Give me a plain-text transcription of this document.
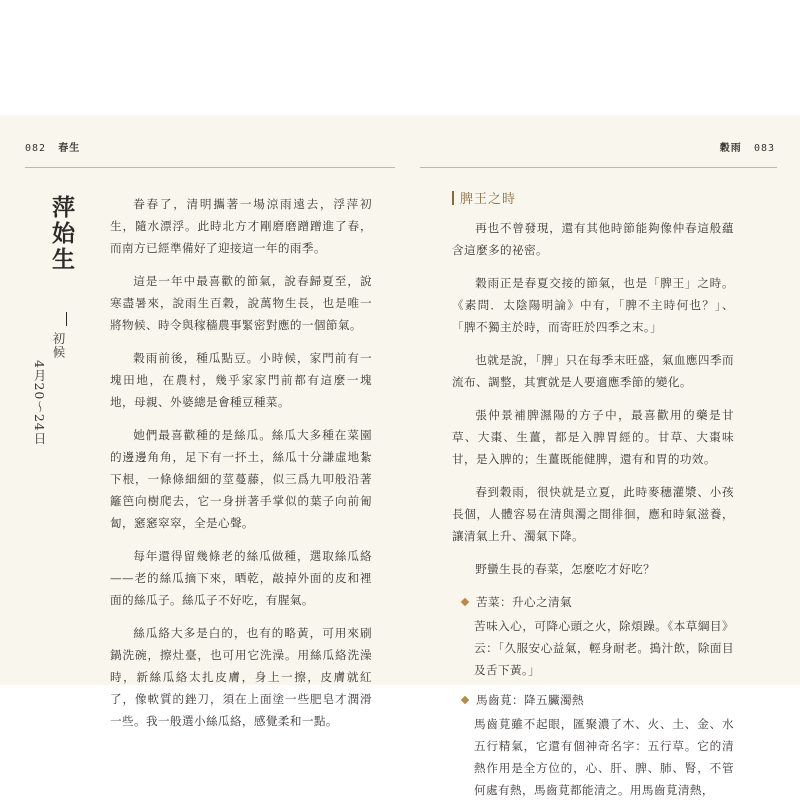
082 春生	穀雨 083
萍始生
初候
4月20～24日

眷春了，清明攜著一場涼雨遠去，浮萍初生，隨水漂浮。此時北方才剛磨磨蹭蹭進了春，而南方已經準備好了迎接這一年的雨季。

這是一年中最喜歡的節氣，說春歸夏至，說寒盡暑來，說雨生百穀，說萬物生長，也是唯一將物候、時令與稼穡農事緊密對應的一個節氣。

穀雨前後，種瓜點豆。小時候，家門前有一塊田地，在農村，幾乎家家門前都有這麼一塊地，母親、外婆總是會種豆種菜。

她們最喜歡種的是絲瓜。絲瓜大多種在菜園的邊邊角角，足下有一抔土，絲瓜十分謙虛地紮下根，一條條細細的莖蔓藤，似三爲九叩般沿著籬笆向樹爬去，它一身拼著手掌似的葉子向前匍匐，窸窸窣窣，全是心聲。

每年還得留幾條老的絲瓜做種，選取絲瓜絡——老的絲瓜摘下來，晒乾，敲掉外面的皮和裡面的絲瓜子。絲瓜子不好吃，有腥氣。

絲瓜絡大多是白的，也有的略黃，可用來刷鍋洗碗，擦灶臺，也可用它洗澡。用絲瓜絡洗澡時，新絲瓜絡太扎皮膚，身上一擦，皮膚就紅了，像軟質的銼刀，須在上面塗一些肥皂才潤滑一些。我一般選小絲瓜絡，感覺柔和一點。

脾王之時

再也不曾發現，還有其他時節能夠像仲春這般蘊含這麼多的祕密。

穀雨正是春夏交接的節氣，也是「脾王」之時。《素問．太陰陽明論》中有，「脾不主時何也？」、「脾不獨主於時，而寄旺於四季之末。」

也就是說，「脾」只在每季末旺盛，氣血應四季而流布、調整，其實就是人要適應季節的變化。

張仲景補脾濕陽的方子中，最喜歡用的藥是甘草、大棗、生薑，都是入脾胃經的。甘草、大棗味甘，是入脾的；生薑既能健脾，還有和胃的功效。

春到穀雨，很快就是立夏，此時麥穗灌漿、小孩長個，人體容易在清與濁之間徘徊，應和時氣滋養，讓清氣上升、濁氣下降。

野蠻生長的春菜，怎麼吃才好吃？

苦菜：升心之清氣
苦味入心，可降心頭之火，除煩躁。《本草綱目》云：「久服安心益氣，輕身耐老。搗汁飲，除面目及舌下黃。」
馬齒莧：降五臟濁熱
馬齒莧雖不起眼，匯聚濃了木、火、土、金、水五行精氣，它還有個神奇名字：五行草。它的清熱作用是全方位的，心、肝、脾、肺、腎，不管何處有熱，馬齒莧都能清之。用馬齒莧清熱，
